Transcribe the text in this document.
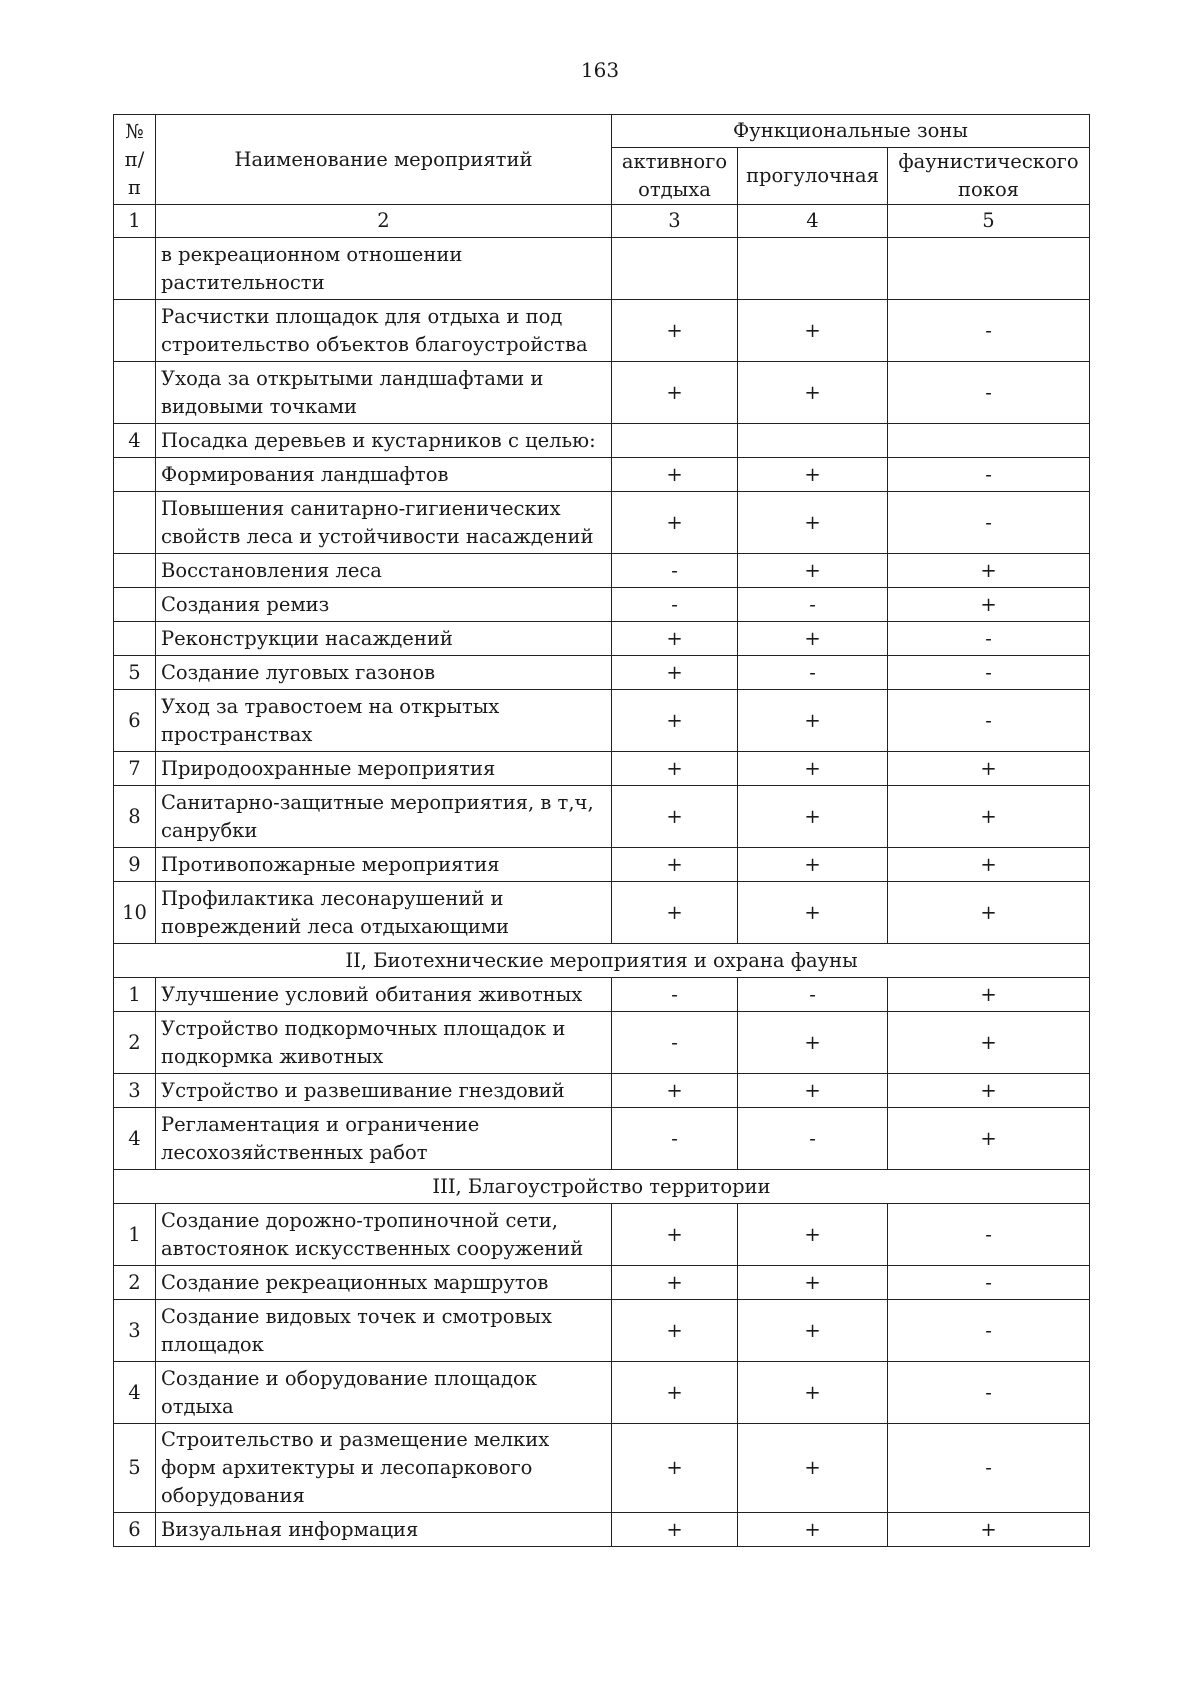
163
№ п/п	Наименование мероприятий	Функциональные зоны		
		активного отдыха	прогулочная	фаунистического покоя
1	2	3	4	5
	в рекреационном отношении растительности			
	Расчистки площадок для отдыха и под строительство объектов благоустройства	+	+	-
	Ухода за открытыми ландшафтами и видовыми точками	+	+	-
4	Посадка деревьев и кустарников с целью:			
	Формирования ландшафтов	+	+	-
	Повышения санитарно-гигиенических свойств леса и устойчивости насаждений	+	+	-
	Восстановления леса	-	+	+
	Создания ремиз	-	-	+
	Реконструкции насаждений	+	+	-
5	Создание луговых газонов	+	-	-
6	Уход за травостоем на открытых пространствах	+	+	-
7	Природоохранные мероприятия	+	+	+
8	Санитарно-защитные мероприятия, в т,ч, санрубки	+	+	+
9	Противопожарные мероприятия	+	+	+
10	Профилактика лесонарушений и повреждений леса отдыхающими	+	+	+
II, Биотехнические мероприятия и охрана фауны				
1	Улучшение условий обитания животных	-	-	+
2	Устройство подкормочных площадок и подкормка животных	-	+	+
3	Устройство и развешивание гнездовий	+	+	+
4	Регламентация и ограничение лесохозяйственных работ	-	-	+
III, Благоустройство территории				
1	Создание дорожно-тропиночной сети, автостоянок искусственных сооружений	+	+	-
2	Создание рекреационных маршрутов	+	+	-
3	Создание видовых точек и смотровых площадок	+	+	-
4	Создание и оборудование площадок отдыха	+	+	-
5	Строительство и размещение мелких форм архитектуры и лесопаркового оборудования	+	+	-
6	Визуальная информация	+	+	+
